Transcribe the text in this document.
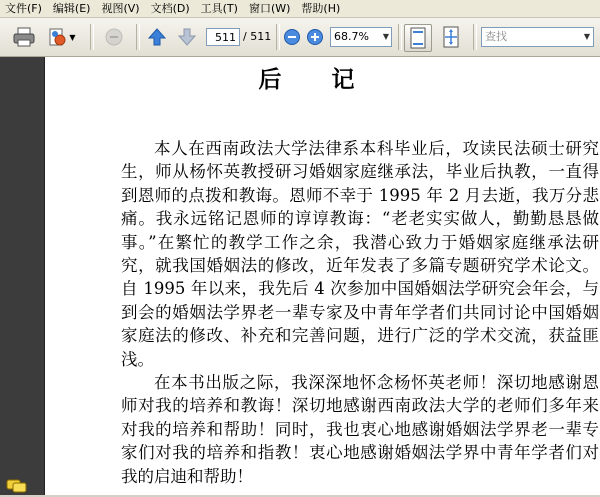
文件(F)	编辑(E)	视图(V)	文档(D)	工具(T)	窗口(W)	帮助(H)
▼	511 / 511	68.7% ▼	查找	▼
后记

本人在西南政法大学法律系本科毕业后，攻读民法硕士研究生，师从杨怀英教授研习婚姻家庭继承法，毕业后执教，一直得到恩师的点拨和教诲。恩师不幸于 1995 年 2 月去逝，我万分悲痛。我永远铭记恩师的谆谆教诲：“老老实实做人，勤勤恳恳做事。”在繁忙的教学工作之余，我潜心致力于婚姻家庭继承法研究，就我国婚姻法的修改，近年发表了多篇专题研究学术论文。自 1995 年以来，我先后 4 次参加中国婚姻法学研究会年会，与到会的婚姻法学界老一辈专家及中青年学者们共同讨论中国婚姻家庭法的修改、补充和完善问题，进行广泛的学术交流，获益匪浅。

在本书出版之际，我深深地怀念杨怀英老师！深切地感谢恩师对我的培养和教诲！深切地感谢西南政法大学的老师们多年来对我的培养和帮助！同时，我也衷心地感谢婚姻法学界老一辈专家们对我的培养和指教！衷心地感谢婚姻法学界中青年学者们对我的启迪和帮助！
